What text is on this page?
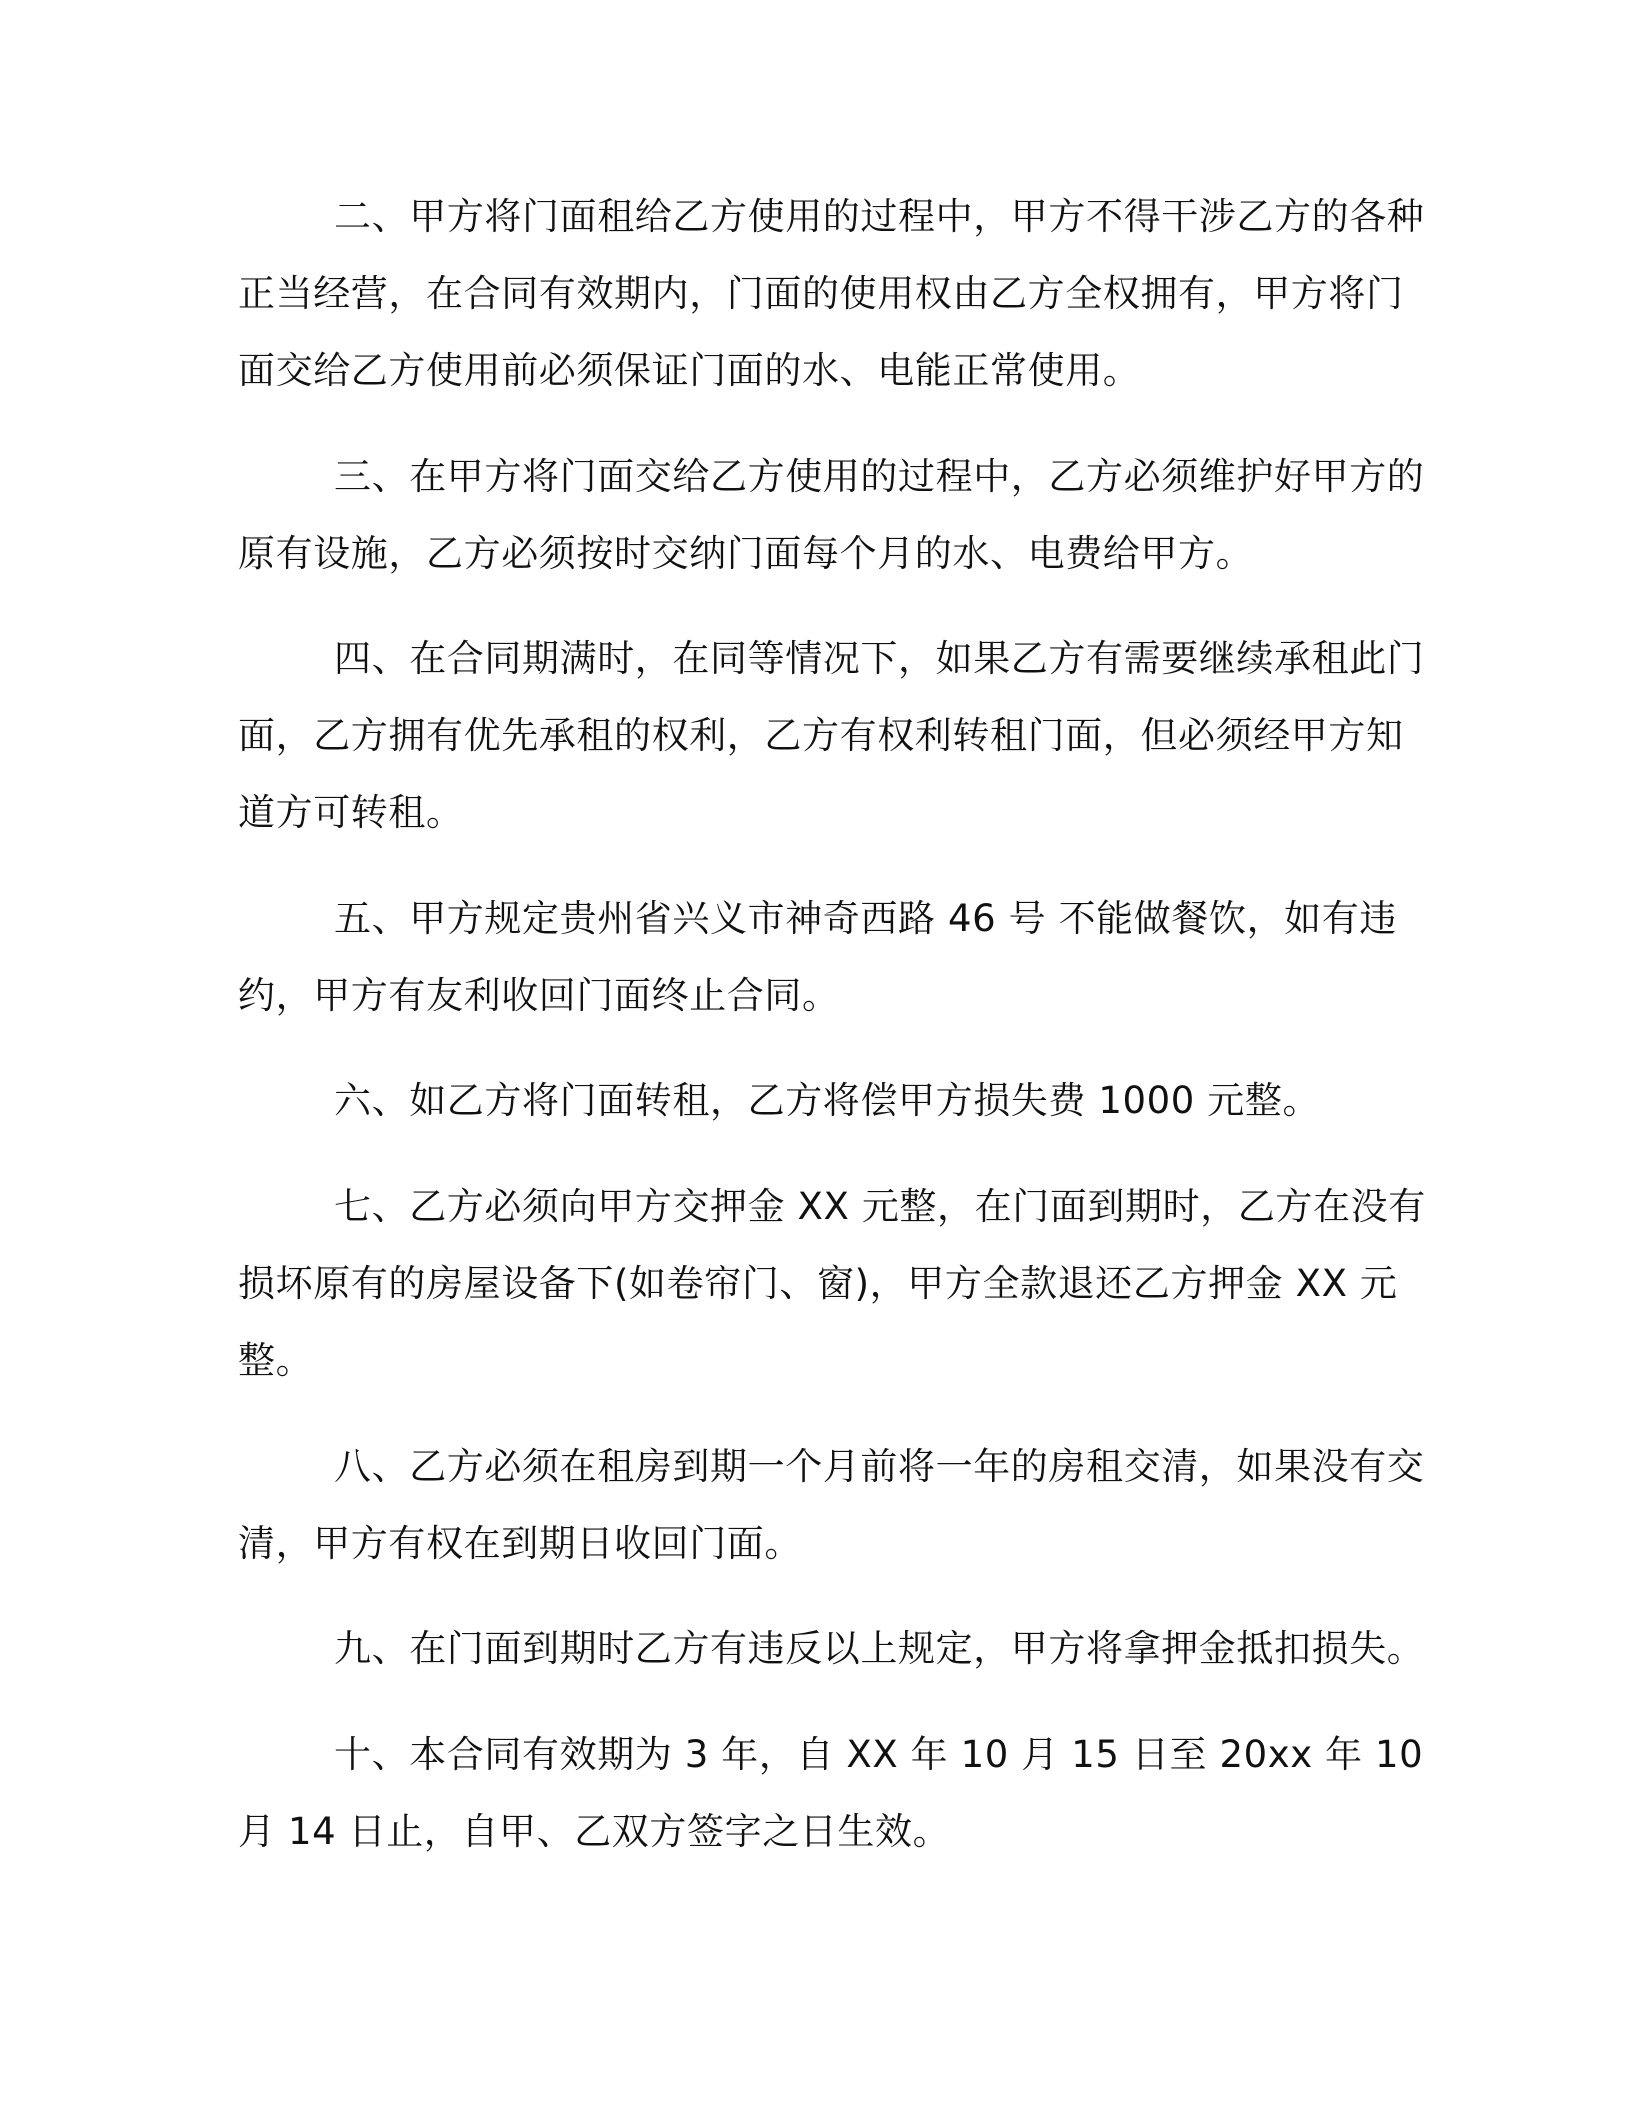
二、甲方将门面租给乙方使用的过程中，甲方不得干涉乙方的各种正当经营，在合同有效期内，门面的使用权由乙方全权拥有，甲方将门面交给乙方使用前必须保证门面的水、电能正常使用。

三、在甲方将门面交给乙方使用的过程中，乙方必须维护好甲方的原有设施，乙方必须按时交纳门面每个月的水、电费给甲方。

四、在合同期满时，在同等情况下，如果乙方有需要继续承租此门面，乙方拥有优先承租的权利，乙方有权利转租门面，但必须经甲方知道方可转租。

五、甲方规定贵州省兴义市神奇西路 46 号 不能做餐饮，如有违约，甲方有友利收回门面终止合同。

六、如乙方将门面转租，乙方将偿甲方损失费 1000 元整。

七、乙方必须向甲方交押金 XX 元整，在门面到期时，乙方在没有损坏原有的房屋设备下(如卷帘门、窗)，甲方全款退还乙方押金 XX 元整。

八、乙方必须在租房到期一个月前将一年的房租交清，如果没有交清，甲方有权在到期日收回门面。

九、在门面到期时乙方有违反以上规定，甲方将拿押金抵扣损失。

十、本合同有效期为 3 年，自 XX 年 10 月 15 日至 20xx 年 10 月 14 日止，自甲、乙双方签字之日生效。
